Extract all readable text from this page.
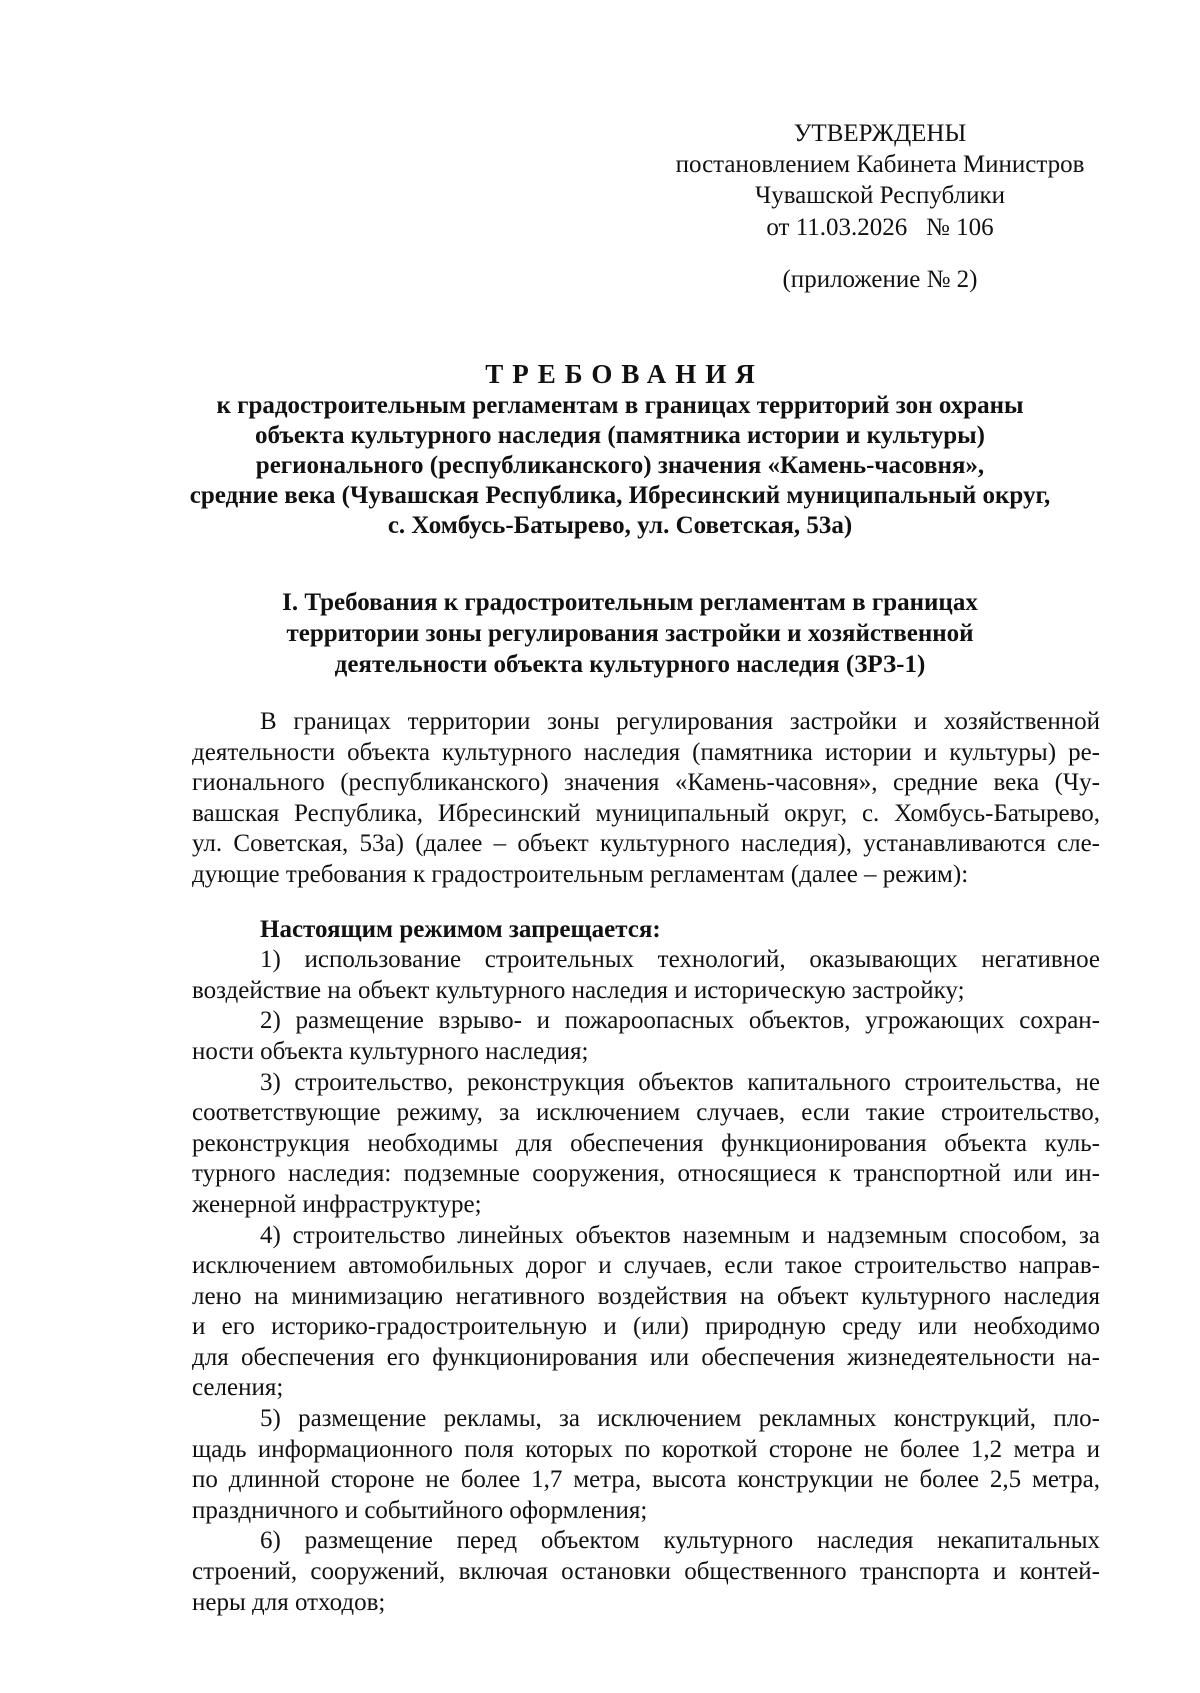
УТВЕРЖДЕНЫ
постановлением Кабинета Министров
Чувашской Республики
от 11.03.2026   № 106
(приложение № 2)
ТРЕБОВАНИЯ
к градостроительным регламентам в границах территорий зон охраны
объекта культурного наследия (памятника истории и культуры)
регионального (республиканского) значения «Камень-часовня»,
средние века (Чувашская Республика, Ибресинский муниципальный округ,
с. Хомбусь-Батырево, ул. Советская, 53а)
I. Требования к градостроительным регламентам в границах
территории зоны регулирования застройки и хозяйственной
деятельности объекта культурного наследия (ЗРЗ-1)
В границах территории зоны регулирования застройки и хозяйственной
деятельности объекта культурного наследия (памятника истории и культуры) ре-
гионального (республиканского) значения «Камень-часовня», средние века (Чу-
вашская Республика, Ибресинский муниципальный округ, с. Хомбусь-Батырево,
ул. Советская, 53а) (далее – объект культурного наследия), устанавливаются сле-
дующие требования к градостроительным регламентам (далее – режим):
Настоящим режимом запрещается:
1) использование строительных технологий, оказывающих негативное
воздействие на объект культурного наследия и историческую застройку;
2) размещение взрыво- и пожароопасных объектов, угрожающих сохран-
ности объекта культурного наследия;
3) строительство, реконструкция объектов капитального строительства, не
соответствующие режиму, за исключением случаев, если такие строительство,
реконструкция необходимы для обеспечения функционирования объекта куль-
турного наследия: подземные сооружения, относящиеся к транспортной или ин-
женерной инфраструктуре;
4) строительство линейных объектов наземным и надземным способом, за
исключением автомобильных дорог и случаев, если такое строительство направ-
лено на минимизацию негативного воздействия на объект культурного наследия
и его историко-градостроительную и (или) природную среду или необходимо
для обеспечения его функционирования или обеспечения жизнедеятельности на-
селения;
5) размещение рекламы, за исключением рекламных конструкций, пло-
щадь информационного поля которых по короткой стороне не более 1,2 метра и
по длинной стороне не более 1,7 метра, высота конструкции не более 2,5 метра,
праздничного и событийного оформления;
6) размещение перед объектом культурного наследия некапитальных
строений, сооружений, включая остановки общественного транспорта и контей-
неры для отходов;
